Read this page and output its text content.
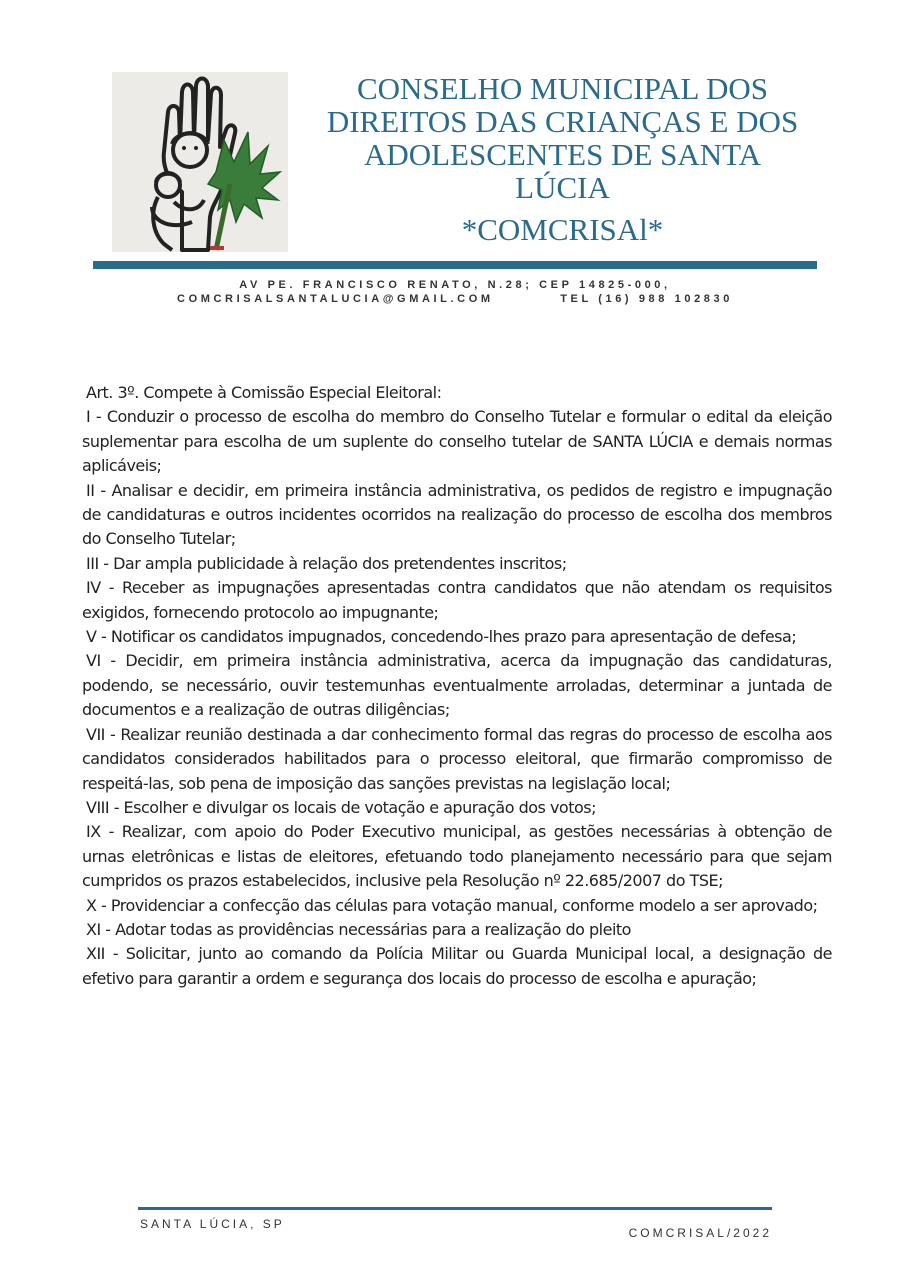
CONSELHO MUNICIPAL DOS
DIREITOS DAS CRIANÇAS E DOS
ADOLESCENTES DE SANTA
LÚCIA
*COMCRISAl*
AV PE. FRANCISCO RENATO, N.28; CEP 14825-000,
COMCRISALSANTALUCIA@GMAIL.COM	TEL (16) 988 102830

Art. 3º. Compete à Comissão Especial Eleitoral:

I - Conduzir o processo de escolha do membro do Conselho Tutelar e formular o edital da eleição suplementar para escolha de um suplente do conselho tutelar de SANTA LÚCIA e demais normas aplicáveis;

II - Analisar e decidir, em primeira instância administrativa, os pedidos de registro e impugnação de candidaturas e outros incidentes ocorridos na realização do processo de escolha dos membros do Conselho Tutelar;

III - Dar ampla publicidade à relação dos pretendentes inscritos;

IV - Receber as impugnações apresentadas contra candidatos que não atendam os requisitos exigidos, fornecendo protocolo ao impugnante;

V - Notificar os candidatos impugnados, concedendo-lhes prazo para apresentação de defesa;

VI - Decidir, em primeira instância administrativa, acerca da impugnação das candidaturas, podendo, se necessário, ouvir testemunhas eventualmente arroladas, determinar a juntada de documentos e a realização de outras diligências;

VII - Realizar reunião destinada a dar conhecimento formal das regras do processo de escolha aos candidatos considerados habilitados para o processo eleitoral, que firmarão compromisso de respeitá-las, sob pena de imposição das sanções previstas na legislação local;

VIII - Escolher e divulgar os locais de votação e apuração dos votos;

IX - Realizar, com apoio do Poder Executivo municipal, as gestões necessárias à obtenção de urnas eletrônicas e listas de eleitores, efetuando todo planejamento necessário para que sejam cumpridos os prazos estabelecidos, inclusive pela Resolução nº 22.685/2007 do TSE;

X - Providenciar a confecção das células para votação manual, conforme modelo a ser aprovado;

XI - Adotar todas as providências necessárias para a realização do pleito

XII - Solicitar, junto ao comando da Polícia Militar ou Guarda Municipal local, a designação de efetivo para garantir a ordem e segurança dos locais do processo de escolha e apuração;

SANTA LÚCIA, SP
COMCRISAL/2022
